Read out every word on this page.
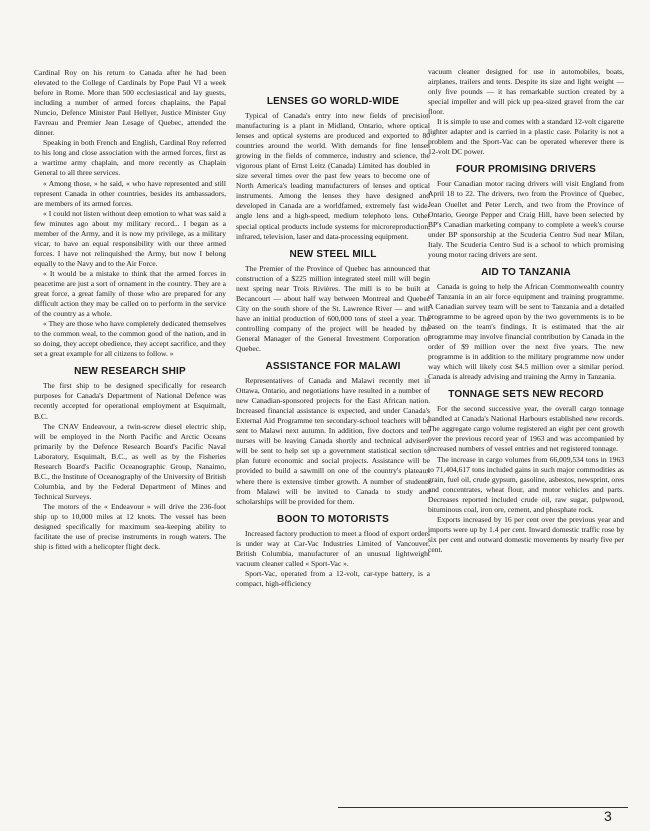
Cardinal Roy on his return to Canada after he had been elevated to the College of Cardinals by Pope Paul VI a week before in Rome. More than 500 ecclesiastical and lay guests, including a number of armed forces chaplains, the Papal Nuncio, Defence Minister Paul Hellyer, Justice Minister Guy Favreau and Premier Jean Lesage of Quebec, attended the dinner.

Speaking in both French and English, Cardinal Roy referred to his long and close association with the armed forces, first as a wartime army chaplain, and more recently as Chaplain General to all three services.

« Among those, » he said, « who have represented and still represent Canada in other countries, besides its ambassadors, are members of its armed forces.

« I could not listen without deep emotion to what was said a few minutes ago about my military record... I began as a member of the Army, and it is now my privilege, as a military vicar, to have an equal responsibility with our three armed forces. I have not relinquished the Army, but now I belong equally to the Navy and to the Air Force.

« It would be a mistake to think that the armed forces in peacetime are just a sort of ornament in the country. They are a great force, a great family of those who are prepared for any difficult action they may be called on to perform in the service of the country as a whole.

« They are those who have completely dedicated themselves to the common weal, to the common good of the nation, and in so doing, they accept obedience, they accept sacrifice, and they set a great example for all citizens to follow. »

NEW RESEARCH SHIP

The first ship to be designed specifically for research purposes for Canada's Department of National Defence was recently accepted for operational employment at Esquimalt, B.C.

The CNAV Endeavour, a twin-screw diesel electric ship, will be employed in the North Pacific and Arctic Oceans primarily by the Defence Research Board's Pacific Naval Laboratory, Esquimalt, B.C., as well as by the Fisheries Research Board's Pacific Oceanographic Group, Nanaimo, B.C., the Institute of Oceanography of the University of British Columbia, and by the Federal Department of Mines and Technical Surveys.

The motors of the « Endeavour » will drive the 236-foot ship up to 10,000 miles at 12 knots. The vessel has been designed specifically for maximum sea-keeping ability to facilitate the use of precise instruments in rough waters. The ship is fitted with a helicopter flight deck.

LENSES GO WORLD-WIDE

Typical of Canada's entry into new fields of precision manufacturing is a plant in Midland, Ontario, where optical lenses and optical systems are produced and exported to 80 countries around the world. With demands for fine lenses growing in the fields of commerce, industry and science, the vigorous plant of Ernst Leitz (Canada) Limited has doubled in size several times over the past few years to become one of North America's leading manufacturers of lenses and optical instruments. Among the lenses they have designed and developed in Canada are a worldfamed, extremely fast wide-angle lens and a high-speed, medium telephoto lens. Other special optical products include systems for microreproduction, infrared, television, laser and data-processing equipment.

NEW STEEL MILL

The Premier of the Province of Quebec has announced that construction of a $225 million integrated steel mill will begin next spring near Trois Rivières. The mill is to be built at Becancourt — about half way between Montreal and Quebec City on the south shore of the St. Lawrence River — and will have an initial production of 600,000 tons of steel a year. The controlling company of the project will be headed by the General Manager of the General Investment Corporation of Quebec.

ASSISTANCE FOR MALAWI

Representatives of Canada and Malawi recently met in Ottawa, Ontario, and negotiations have resulted in a number of new Canadian-sponsored projects for the East African nation. Increased financial assistance is expected, and under Canada's External Aid Programme ten secondary-school teachers will be sent to Malawi next autumn. In addition, five doctors and ten nurses will be leaving Canada shortly and technical advisers will be sent to help set up a government statistical section to plan future economic and social projects. Assistance will be provided to build a sawmill on one of the country's plateaux where there is extensive timber growth. A number of students from Malawi will be invited to Canada to study and scholarships will be provided for them.

BOON TO MOTORISTS

Increased factory production to meet a flood of export orders is under way at Car-Vac Industries Limited of Vancouver, British Columbia, manufacturer of an unusual lightweight vacuum cleaner called « Sport-Vac ».

Sport-Vac, operated from a 12-volt, car-type battery, is a compact, high-efficiency

vacuum cleaner designed for use in automobiles, boats, airplanes, trailers and tents. Despite its size and light weight — only five pounds — it has remarkable suction created by a special impeller and will pick up pea-sized gravel from the car floor.

It is simple to use and comes with a standard 12-volt cigarette lighter adapter and is carried in a plastic case. Polarity is not a problem and the Sport-Vac can be operated wherever there is 12-volt DC power.

FOUR PROMISING DRIVERS

Four Canadian motor racing drivers will visit England from April 18 to 22. The drivers, two from the Province of Quebec, Jean Ouellet and Peter Lerch, and two from the Province of Ontario, George Pepper and Craig Hill, have been selected by BP's Canadian marketing company to complete a week's course under BP sponsorship at the Scuderia Centro Sud near Milan, Italy. The Scuderia Centro Sud is a school to which promising young motor racing drivers are sent.

AID TO TANZANIA

Canada is going to help the African Commonwealth country of Tanzania in an air force equipment and training programme. A Canadian survey team will be sent to Tanzania and a detailed programme to be agreed upon by the two governments is to be based on the team's findings. It is estimated that the air programme may involve financial contribution by Canada in the order of $9 million over the next five years. The new programme is in addition to the military programme now under way which will likely cost $4.5 million over a similar period. Canada is already advising and training the Army in Tanzania.

TONNAGE SETS NEW RECORD

For the second successive year, the overall cargo tonnage handled at Canada's National Harbours established new records. The aggregate cargo volume registered an eight per cent growth over the previous record year of 1963 and was accompanied by increased numbers of vessel entries and net registered tonnage.

The increase in cargo volumes from 66,009,534 tons in 1963 to 71,404,617 tons included gains in such major commodities as grain, fuel oil, crude gypsum, gasoline, asbestos, newsprint, ores and concentrates, wheat flour, and motor vehicles and parts. Decreases reported included crude oil, raw sugar, pulpwood, bituminous coal, iron ore, cement, and phosphate rock.

Exports increased by 16 per cent over the previous year and imports were up by 1.4 per cent. Inward domestic traffic rose by six per cent and outward domestic movements by nearly five per cent.

3
